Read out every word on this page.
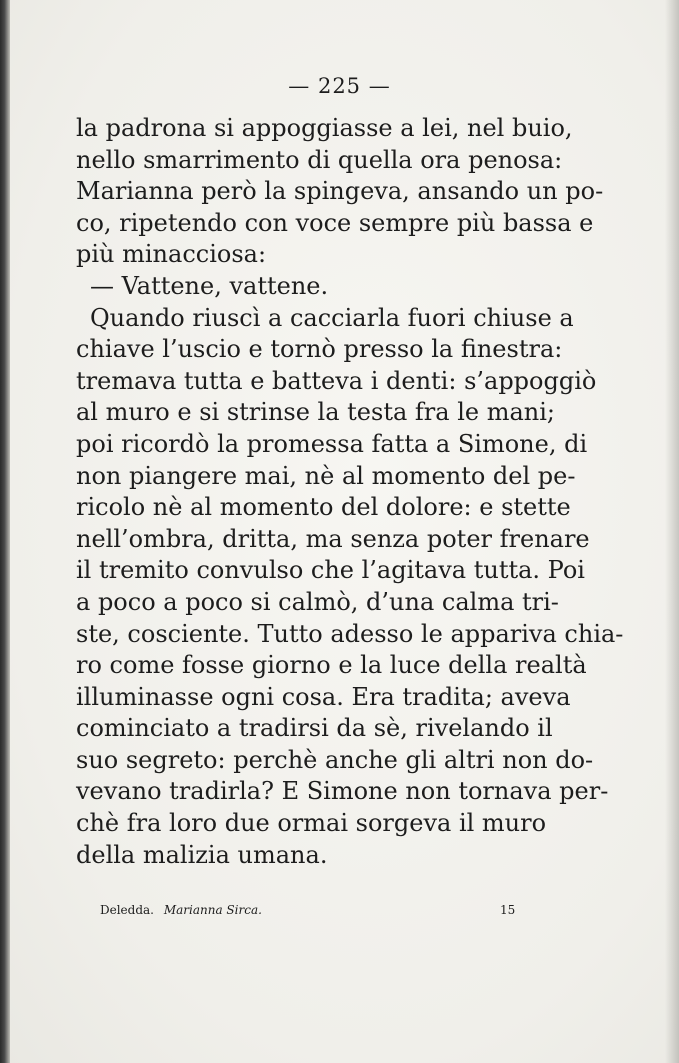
— 225 —
la padrona si appoggiasse a lei, nel buio,
nello smarrimento di quella ora penosa:
Marianna però la spingeva, ansando un po-
co, ripetendo con voce sempre più bassa e
più minacciosa:
— Vattene, vattene.
Quando riuscì a cacciarla fuori chiuse a
chiave l’uscio e tornò presso la finestra:
tremava tutta e batteva i denti: s’appoggiò
al muro e si strinse la testa fra le mani;
poi ricordò la promessa fatta a Simone, di
non piangere mai, nè al momento del pe-
ricolo nè al momento del dolore: e stette
nell’ombra, dritta, ma senza poter frenare
il tremito convulso che l’agitava tutta. Poi
a poco a poco si calmò, d’una calma tri-
ste, cosciente. Tutto adesso le appariva chia-
ro come fosse giorno e la luce della realtà
illuminasse ogni cosa. Era tradita; aveva
cominciato a tradirsi da sè, rivelando il
suo segreto: perchè anche gli altri non do-
vevano tradirla? E Simone non tornava per-
chè fra loro due ormai sorgeva il muro
della malizia umana.
Deledda. Marianna Sirca.	15
